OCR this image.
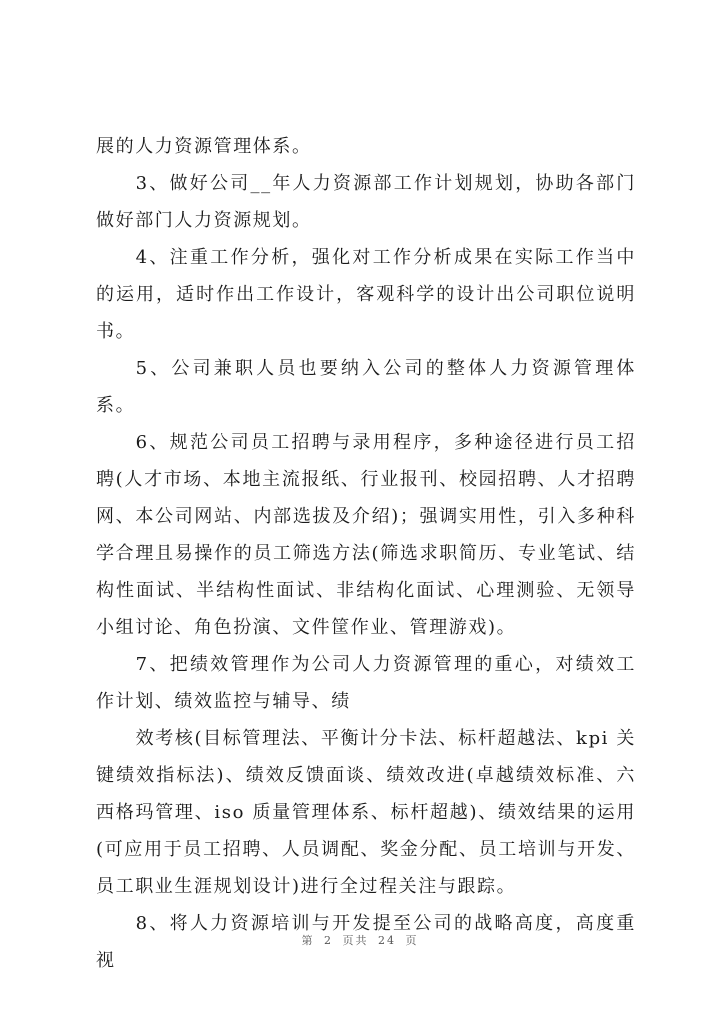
展的人力资源管理体系。

3、做好公司__年人力资源部工作计划规划，协助各部门做好部门人力资源规划。

4、注重工作分析，强化对工作分析成果在实际工作当中的运用，适时作出工作设计，客观科学的设计出公司职位说明书。

5、公司兼职人员也要纳入公司的整体人力资源管理体系。

6、规范公司员工招聘与录用程序，多种途径进行员工招聘(人才市场、本地主流报纸、行业报刊、校园招聘、人才招聘网、本公司网站、内部选拔及介绍)；强调实用性，引入多种科学合理且易操作的员工筛选方法(筛选求职简历、专业笔试、结构性面试、半结构性面试、非结构化面试、心理测验、无领导小组讨论、角色扮演、文件筐作业、管理游戏)。

7、把绩效管理作为公司人力资源管理的重心，对绩效工作计划、绩效监控与辅导、绩

效考核(目标管理法、平衡计分卡法、标杆超越法、kpi 关键绩效指标法)、绩效反馈面谈、绩效改进(卓越绩效标准、六西格玛管理、iso 质量管理体系、标杆超越)、绩效结果的运用(可应用于员工招聘、人员调配、奖金分配、员工培训与开发、员工职业生涯规划设计)进行全过程关注与跟踪。

8、将人力资源培训与开发提至公司的战略高度，高度重视

第 2 页共 24 页
